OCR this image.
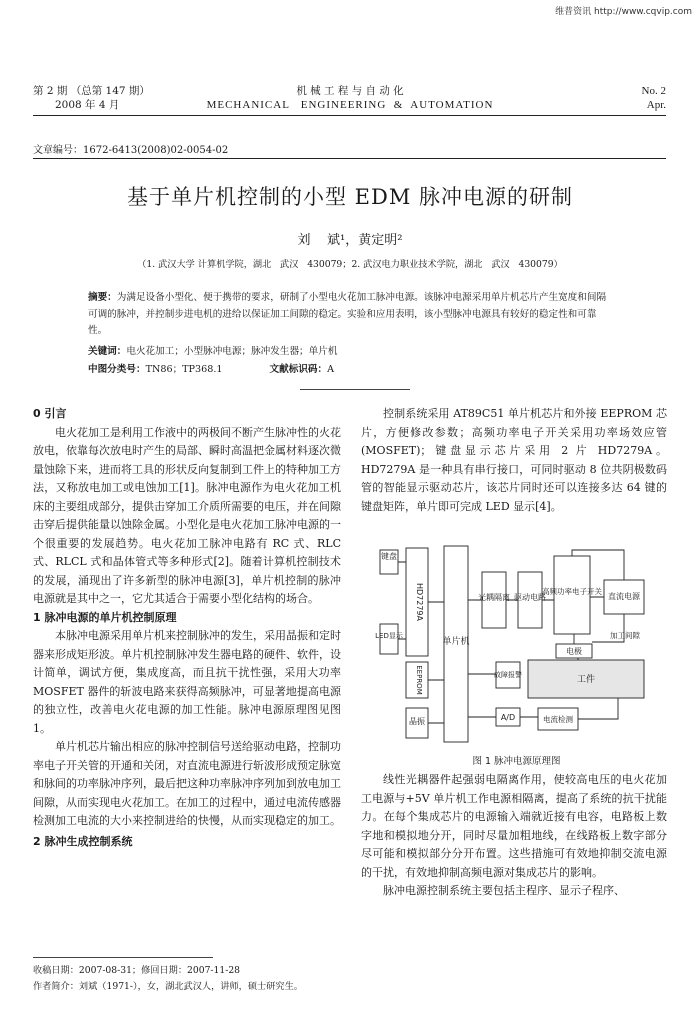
维普资讯 http://www.cqvip.com
第 2 期 （总第 147 期）
2008 年 4 月
机 械 工 程 与 自 动 化
MECHANICAL   ENGINEERING  &  AUTOMATION
No. 2
Apr.
文章编号：1672-6413(2008)02-0054-02
基于单片机控制的小型 EDM 脉冲电源的研制
刘    斌¹，黄定明²
（1. 武汉大学 计算机学院，湖北   武汉   430079；2. 武汉电力职业技术学院，湖北   武汉   430079）
摘要：为满足设备小型化、便于携带的要求，研制了小型电火花加工脉冲电源。该脉冲电源采用单片机芯片产生宽度和间隔可调的脉冲，并控制步进电机的进给以保证加工间隙的稳定。实验和应用表明，该小型脉冲电源具有较好的稳定性和可靠性。
关键词：电火花加工；小型脉冲电源；脉冲发生器；单片机
中图分类号：TN86；TP368.1	文献标识码：A
0 引言
电火花加工是利用工作液中的两极间不断产生脉冲性的火花放电，依靠每次放电时产生的局部、瞬时高温把金属材料逐次微量蚀除下来，进而将工具的形状反向复制到工件上的特种加工方法，又称放电加工或电蚀加工[1]。脉冲电源作为电火花加工机床的主要组成部分，提供击穿加工介质所需要的电压，并在间隙击穿后提供能量以蚀除金属。小型化是电火花加工脉冲电源的一个很重要的发展趋势。电火花加工脉冲电路有 RC 式、RLC 式、RLCL 式和晶体管式等多种形式[2]。随着计算机控制技术的发展，涌现出了许多新型的脉冲电源[3]，单片机控制的脉冲电源就是其中之一，它尤其适合于需要小型化结构的场合。
1 脉冲电源的单片机控制原理
本脉冲电源采用单片机来控制脉冲的发生，采用晶振和定时器来形成矩形波。单片机控制脉冲发生器电路的硬件、软件，设计简单，调试方便，集成度高，而且抗干扰性强，采用大功率 MOSFET 器件的斩波电路来获得高频脉冲，可显著地提高电源的独立性，改善电火花电源的加工性能。脉冲电源原理图见图 1。
单片机芯片输出相应的脉冲控制信号送给驱动电路，控制功率电子开关管的开通和关闭，对直流电源进行斩波形成预定脉宽和脉间的功率脉冲序列，最后把这种功率脉冲序列加到放电加工间隙，从而实现电火花加工。在加工的过程中，通过电流传感器检测加工电流的大小来控制进给的快慢，从而实现稳定的加工。
2 脉冲生成控制系统
控制系统采用 AT89C51 单片机芯片和外接 EEPROM 芯片，方便修改参数；高频功率电子开关采用功率场效应管(MOSFET)；键盘显示芯片采用 2 片 HD7279A。HD7279A 是一种具有串行接口，可同时驱动 8 位共阴极数码管的智能显示驱动芯片，该芯片同时还可以连接多达 64 键的键盘矩阵，单片即可完成 LED 显示[4]。
键盘
LED显示
HD7279A
EEPROM
晶振
单片机
光耦隔离 驱动电路
高频功率电子开关
直流电源
电极
加工间隙
工件
故障报警
A/D	电流检测
图 1 脉冲电源原理图
线性光耦器件起强弱电隔离作用，使较高电压的电火花加工电源与+5V 单片机工作电源相隔离，提高了系统的抗干扰能力。在每个集成芯片的电源输入端就近接有电容，电路板上数字地和模拟地分开，同时尽量加粗地线，在线路板上数字部分尽可能和模拟部分分开布置。这些措施可有效地抑制交流电源的干扰，有效地抑制高频电源对集成芯片的影响。
脉冲电源控制系统主要包括主程序、显示子程序、
收稿日期：2007-08-31；修回日期：2007-11-28
作者简介：刘斌（1971-），女，湖北武汉人，讲师，硕士研究生。
